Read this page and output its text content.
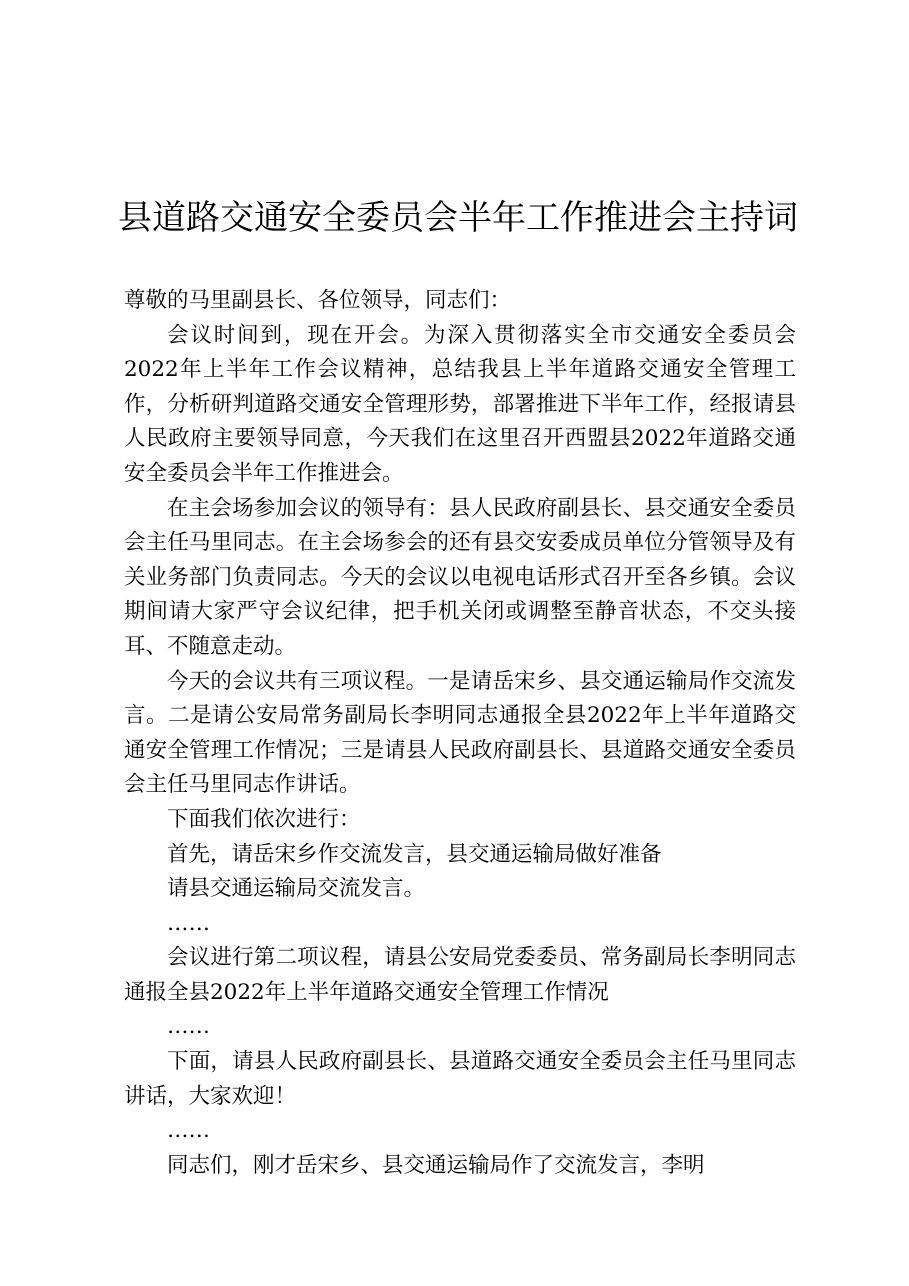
县道路交通安全委员会半年工作推进会主持词

尊敬的马里副县长、各位领导，同志们：

会议时间到，现在开会。为深入贯彻落实全市交通安全委员会2022年上半年工作会议精神，总结我县上半年道路交通安全管理工作，分析研判道路交通安全管理形势，部署推进下半年工作，经报请县人民政府主要领导同意，今天我们在这里召开西盟县2022年道路交通安全委员会半年工作推进会。

在主会场参加会议的领导有：县人民政府副县长、县交通安全委员会主任马里同志。在主会场参会的还有县交安委成员单位分管领导及有关业务部门负责同志。今天的会议以电视电话形式召开至各乡镇。会议期间请大家严守会议纪律，把手机关闭或调整至静音状态，不交头接耳、不随意走动。

今天的会议共有三项议程。一是请岳宋乡、县交通运输局作交流发言。二是请公安局常务副局长李明同志通报全县2022年上半年道路交通安全管理工作情况；三是请县人民政府副县长、县道路交通安全委员会主任马里同志作讲话。

下面我们依次进行：

首先，请岳宋乡作交流发言，县交通运输局做好准备

请县交通运输局交流发言。

……

会议进行第二项议程，请县公安局党委委员、常务副局长李明同志通报全县2022年上半年道路交通安全管理工作情况

……

下面，请县人民政府副县长、县道路交通安全委员会主任马里同志讲话，大家欢迎！

……

同志们，刚才岳宋乡、县交通运输局作了交流发言，李明
